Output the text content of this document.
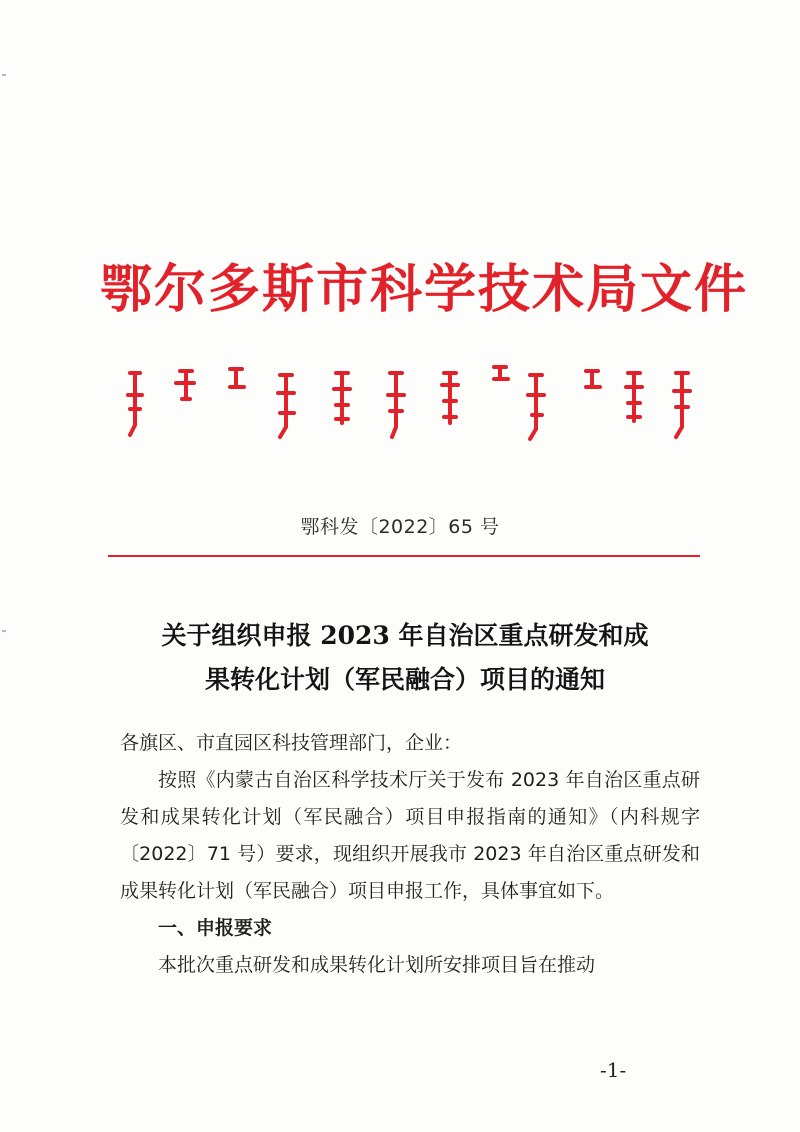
鄂尔多斯市科学技术局文件
鄂科发〔2022〕65 号
关于组织申报 2023 年自治区重点研发和成
果转化计划（军民融合）项目的通知

各旗区、市直园区科技管理部门，企业：

按照《内蒙古自治区科学技术厅关于发布 2023 年自治区重点研发和成果转化计划（军民融合）项目申报指南的通知》（内科规字〔2022〕71 号）要求，现组织开展我市 2023 年自治区重点研发和成果转化计划（军民融合）项目申报工作，具体事宜如下。

一、申报要求

本批次重点研发和成果转化计划所安排项目旨在推动

-1-
